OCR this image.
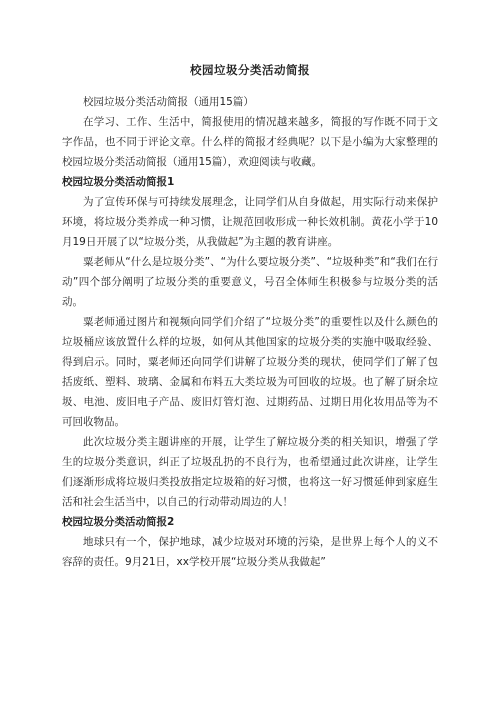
校园垃圾分类活动简报

校园垃圾分类活动简报（通用15篇）

在学习、工作、生活中，简报使用的情况越来越多，简报的写作既不同于文字作品，也不同于评论文章。什么样的简报才经典呢？以下是小编为大家整理的校园垃圾分类活动简报（通用15篇），欢迎阅读与收藏。

校园垃圾分类活动简报1

为了宣传环保与可持续发展理念，让同学们从自身做起，用实际行动来保护环境，将垃圾分类养成一种习惯，让规范回收形成一种长效机制。黄花小学于10月19日开展了以“垃圾分类，从我做起”为主题的教育讲座。

粟老师从“什么是垃圾分类”、“为什么要垃圾分类”、“垃圾种类”和“我们在行动”四个部分阐明了垃圾分类的重要意义，号召全体师生积极参与垃圾分类的活动。

粟老师通过图片和视频向同学们介绍了“垃圾分类”的重要性以及什么颜色的垃圾桶应该放置什么样的垃圾，如何从其他国家的垃圾分类的实施中吸取经验、得到启示。同时，粟老师还向同学们讲解了垃圾分类的现状，使同学们了解了包括废纸、塑料、玻璃、金属和布料五大类垃圾为可回收的垃圾。也了解了厨余垃圾、电池、废旧电子产品、废旧灯管灯泡、过期药品、过期日用化妆用品等为不可回收物品。

此次垃圾分类主题讲座的开展，让学生了解垃圾分类的相关知识，增强了学生的垃圾分类意识，纠正了垃圾乱扔的不良行为，也希望通过此次讲座，让学生们逐渐形成将垃圾归类投放指定垃圾箱的好习惯，也将这一好习惯延伸到家庭生活和社会生活当中，以自己的行动带动周边的人！

校园垃圾分类活动简报2

地球只有一个，保护地球，减少垃圾对环境的污染，是世界上每个人的义不容辞的责任。9月21日，xx学校开展“垃圾分类从我做起”
